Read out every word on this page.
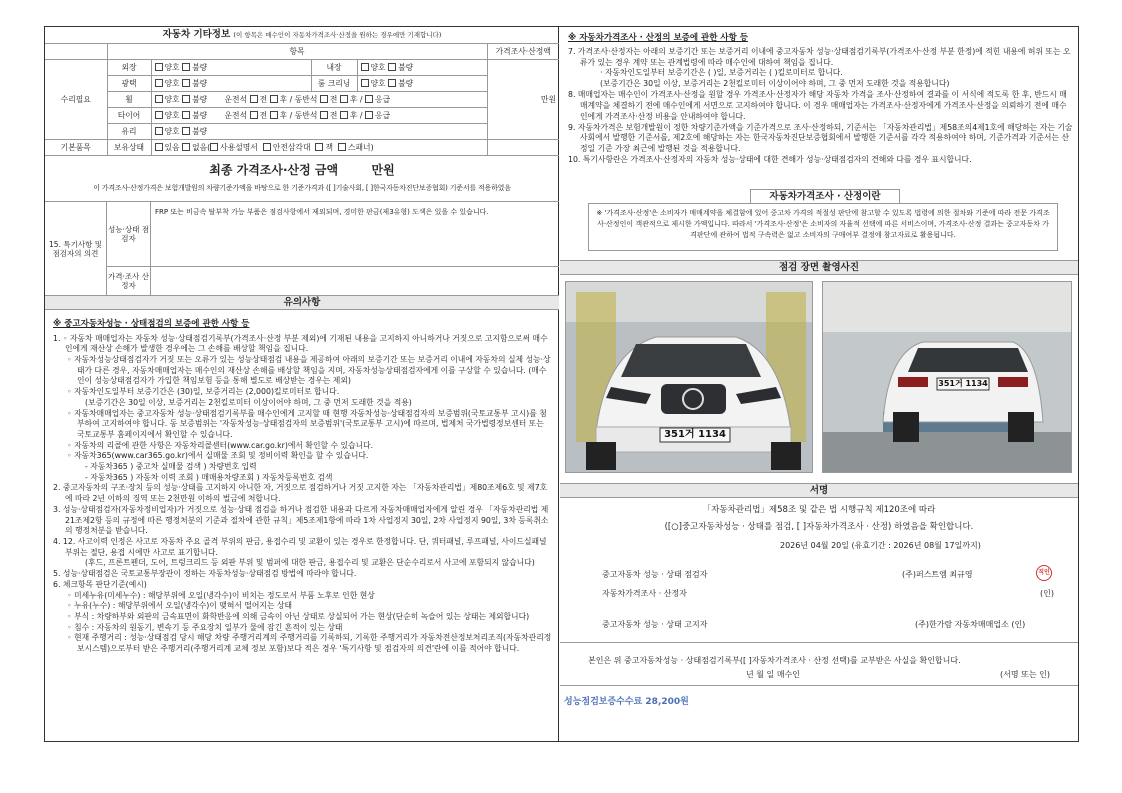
자동차 기타정보 (이 항목은 매수인이 자동차가격조사·산정을 원하는 경우에만 기재합니다)
	항목				가격조사·산정액
수리필요	외장	양호 불량	내장	양호 불량	만원
	광택	양호 불량	룸 크리닝	양호 불량	
	휠	양호 불량 운전석 전 후 / 동반석 전 후 / 응급			
	타이어	양호 불량 운전석 전 후 / 동반석 전 후 / 응급			
	유리	양호 불량			
기본품목	보유상태	있음 없음( 사용설명서 안전삼각대 잭 스패너)			
최종 가격조사·산정 금액	만원
이 가격조사·산정가격은 보험개발원의 차량기준가액을 바탕으로 한 기준가격과 ([ ]기술사회, [ ]한국자동차진단보증협회) 기준서를 적용하였음
15. 특기사항 및 점검자의 의견
성능·상태 점검자
FRP 또는 비금속 탈부착 가능 부품은 점검사항에서 제외되며, 경미한 판금(제3유형) 도색은 있을 수 있습니다.
가격·조사 산정자
유의사항
※ 중고자동차성능 · 상태점검의 보증에 관한 사항 등
1. ◦ 자동차 매매업자는 자동차 성능·상태점검기록부(가격조사·산정 부분 제외)에 기재된 내용을 고지하지 아니하거나 거짓으로 고지함으로써 매수인에게 재산상 손해가 발생한 경우에는 그 손해를 배상할 책임을 집니다.
◦ 자동차성능상태점검자가 거짓 또는 오류가 있는 성능상태점검 내용을 제공하여 아래의 보증기간 또는 보증거리 이내에 자동차의 실제 성능·상태가 다른 경우, 자동차매매업자는 매수인의 재산상 손해를 배상할 책임을 지며, 자동차성능상태점검자에게 이를 구상할 수 있습니다. (매수인이 성능상태점검자가 가입한 책임보험 등을 통해 별도로 배상받는 경우는 제외)
◦ 자동차인도일부터 보증기간은 (30)일, 보증거리는 (2,000)킬로미터로 합니다.
(보증기간은 30일 이상, 보증거리는 2천킬로미터 이상이어야 하며, 그 중 먼저 도래한 것을 적용)
◦ 자동차매매업자는 중고자동차 성능·상태점검기록부를 매수인에게 고지할 때 현행 자동차성능·상태점검자의 보증범위(국토교통부 고시)를 첨부하여 고지하여야 합니다. 동 보증범위는 '자동차성능·상태점검자의 보증범위'(국토교통부 고시)에 따르며, 법제처 국가법령정보센터 또는 국토교통부 홈페이지에서 확인할 수 있습니다.
◦ 자동차의 리콜에 관한 사항은 자동차리콜센터(www.car.go.kr)에서 확인할 수 있습니다.
◦ 자동차365(www.car365.go.kr)에서 실매물 조회 및 정비이력 확인을 할 수 있습니다.
- 자동차365 ) 중고차 실매물 검색 ) 차량번호 입력
- 자동차365 ) 자동차 이력 조회 ) 매매용차량조회 ) 자동차등록번호 검색
2. 중고자동차의 구조·장치 등의 성능·상태를 고지하지 아니한 자, 거짓으로 점검하거나 거짓 고지한 자는 「자동차관리법」제80조제6호 및 제7호에 따라 2년 이하의 징역 또는 2천만원 이하의 벌금에 처합니다.
3. 성능·상태점검자(자동차정비업자)가 거짓으로 성능·상태 점검을 하거나 점검한 내용과 다르게 자동차매매업자에게 알린 경우 「자동차관리법 제21조제2항 등의 규정에 따른 행정처분의 기준과 절차에 관한 규칙」제5조제1항에 따라 1차 사업정지 30일, 2차 사업정지 90일, 3차 등록취소의 행정처분을 받습니다.
4. 12. 사고이력 인정은 사고로 자동차 주요 골격 부위의 판금, 용접수리 및 교환이 있는 경우로 한정합니다. 단, 쿼터패널, 루프패널, 사이드실패널 부위는 절단, 용접 시에만 사고로 표기합니다.
(후드, 프론트펜더, 도어, 트렁크리드 등 외판 부위 및 범퍼에 대한 판금, 용접수리 및 교환은 단순수리로서 사고에 포함되지 않습니다)
5. 성능·상태점검은 국토교통부장관이 정하는 자동차성능·상태점검 방법에 따라야 합니다.
6. 체크항목 판단기준(예시)
◦ 미세누유(미세누수) : 해당부위에 오일(냉각수)이 비치는 정도로서 부품 노후로 인한 현상
◦ 누유(누수) : 해당부위에서 오일(냉각수)이 맺혀서 떨어지는 상태
◦ 부식 : 차량하부와 외판의 금속표면이 화학반응에 의해 금속이 아닌 상태로 상실되어 가는 현상(단순히 녹슬어 있는 상태는 제외합니다)
◦ 침수 : 자동차의 원동기, 변속기 등 주요장치 일부가 물에 잠긴 흔적이 있는 상태
◦ 현재 주행거리 : 성능·상태점검 당시 해당 차량 주행거리계의 주행거리를 기록하되, 기록한 주행거리가 자동차전산정보처리조직(자동차관리정보시스템)으로부터 받은 주행거리(주행거리계 교체 정보 포함)보다 적은 경우 '특기사항 및 점검자의 의견'란에 이를 적어야 합니다.
※ 자동차가격조사 · 산정의 보증에 관한 사항 등
7. 가격조사·산정자는 아래의 보증기간 또는 보증거리 이내에 중고자동차 성능·상태점검기록부(가격조사·산정 부분 한정)에 적힌 내용에 허위 또는 오류가 있는 경우 계약 또는 관계법령에 따라 매수인에 대하여 책임을 집니다.
· 자동차인도일부터 보증기간은 ( )일, 보증거리는 ( )킬로미터로 합니다.
(보증기간은 30일 이상, 보증거리는 2천킬로미터 이상이어야 하며, 그 중 먼저 도래한 것을 적용합니다)
8. 매매업자는 매수인이 가격조사·산정을 원할 경우 가격조사·산정자가 해당 자동차 가격을 조사·산정하여 결과를 이 서식에 적도록 한 후, 반드시 매매계약을 체결하기 전에 매수인에게 서면으로 고지하여야 합니다. 이 경우 매매업자는 가격조사·산정자에게 가격조사·산정을 의뢰하기 전에 매수인에게 가격조사·산정 비용을 안내하여야 합니다.
9. 자동차가격은 보험개발원이 정한 차량기준가액을 기준가격으로 조사·산정하되, 기준서는 「자동차관리법」제58조의4제1호에 해당하는 자는 기술사회에서 발행한 기준서를, 제2호에 해당하는 자는 한국자동차진단보증협회에서 발행한 기준서를 각각 적용하여야 하며, 기준가격과 기준서는 산정일 기준 가장 최근에 발행된 것을 적용합니다.
10. 특기사항란은 가격조사·산정자의 자동차 성능·상태에 대한 견해가 성능·상태점검자의 견해와 다를 경우 표시합니다.
자동차가격조사 · 산정이란
※ '가격조사·산정'은 소비자가 매매계약을 체결함에 있어 중고차 가격의 적절성 판단에 참고할 수 있도록 법령에 의한 절차와 기준에 따라 전문 가격조사·산정인이 객관적으로 제시한 가액입니다. 따라서 '가격조사·산정'은 소비자의 자율적 선택에 따른 서비스이며, 가격조사·산정 결과는 중고자동차 가격판단에 관하여 법적 구속력은 없고 소비자의 구매여부 결정에 참고자료로 활용됩니다.
점검 장면 촬영사진
351거 1134
351거 1134
서명
「자동차관리법」제58조 및 같은 법 시행규칙 제120조에 따라
([○]중고자동차성능 · 상태를 점검, [ ]자동차가격조사 · 산정) 하였음을 확인합니다.
2026년 04월 20일 (유효기간 : 2026년 08월 17일까지)
중고자동차 성능 · 상태 점검자	(주)퍼스트엠 최규영	직인
자동차가격조사 · 산정자	(인)
중고자동차 성능 · 상태 고지자	(주)한가람 자동차매매업소 (인)
본인은 위 중고자동차성능 · 상태점검기록부([ ]자동차가격조사 · 산정 선택)를 교부받은 사실을 확인합니다.
년 월 일 매수인	(서명 또는 인)
성능점검보증수수료 28,200원
